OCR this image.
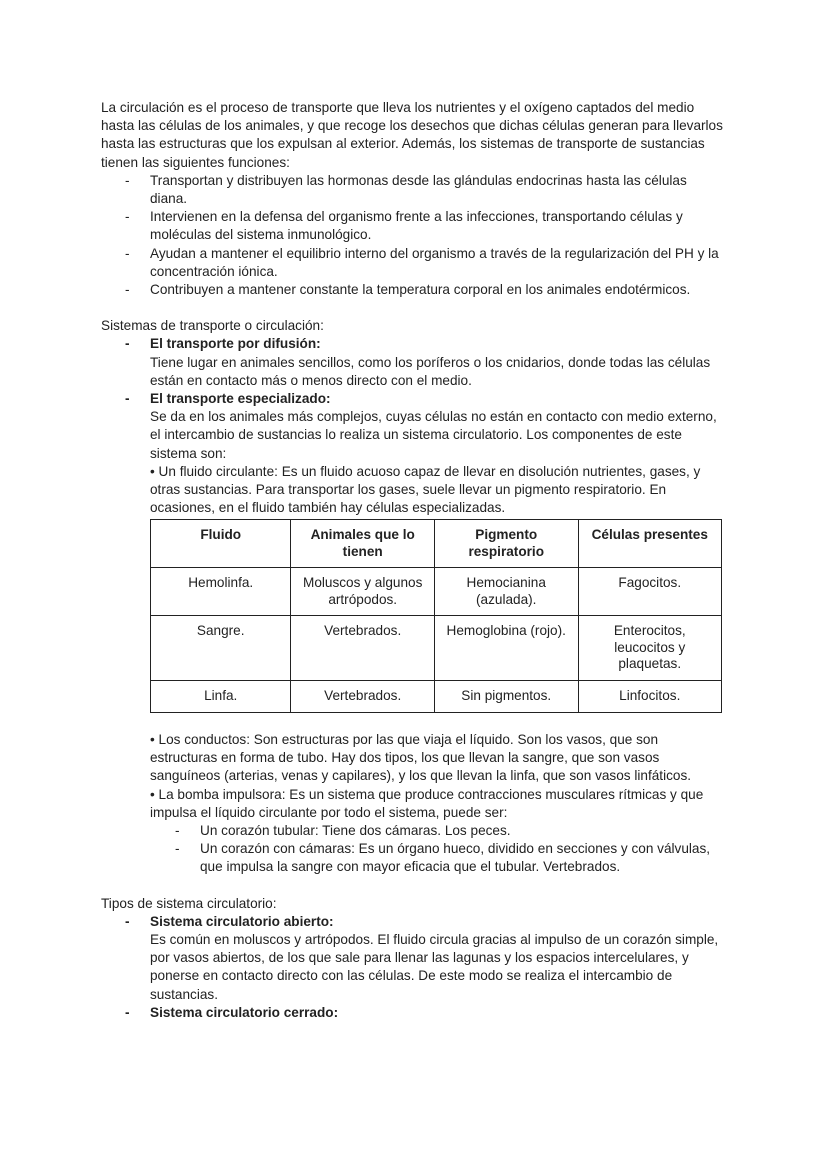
La circulación es el proceso de transporte que lleva los nutrientes y el oxígeno captados del medio hasta las células de los animales, y que recoge los desechos que dichas células generan para llevarlos hasta las estructuras que los expulsan al exterior. Además, los sistemas de transporte de sustancias tienen las siguientes funciones:

- Transportan y distribuyen las hormonas desde las glándulas endocrinas hasta las células diana.
- Intervienen en la defensa del organismo frente a las infecciones, transportando células y moléculas del sistema inmunológico.
- Ayudan a mantener el equilibrio interno del organismo a través de la regularización del PH y la concentración iónica.
- Contribuyen a mantener constante la temperatura corporal en los animales endotérmicos.

Sistemas de transporte o circulación:

- El transporte por difusión:
Tiene lugar en animales sencillos, como los poríferos o los cnidarios, donde todas las células están en contacto más o menos directo con el medio.
- El transporte especializado:
Se da en los animales más complejos, cuyas células no están en contacto con medio externo, el intercambio de sustancias lo realiza un sistema circulatorio. Los componentes de este sistema son:
• Un fluido circulante: Es un fluido acuoso capaz de llevar en disolución nutrientes, gases, y otras sustancias. Para transportar los gases, suele llevar un pigmento respiratorio. En ocasiones, en el fluido también hay células especializadas.
Fluido	Animales que lo tienen	Pigmento respiratorio	Células presentes
Hemolinfa.	Moluscos y algunos artrópodos.	Hemocianina (azulada).	Fagocitos.
Sangre.	Vertebrados.	Hemoglobina (rojo).	Enterocitos, leucocitos y plaquetas.
Linfa.	Vertebrados.	Sin pigmentos.	Linfocitos.

• Los conductos: Son estructuras por las que viaja el líquido. Son los vasos, que son estructuras en forma de tubo. Hay dos tipos, los que llevan la sangre, que son vasos sanguíneos (arterias, venas y capilares), y los que llevan la linfa, que son vasos linfáticos.

• La bomba impulsora: Es un sistema que produce contracciones musculares rítmicas y que impulsa el líquido circulante por todo el sistema, puede ser:

- Un corazón tubular: Tiene dos cámaras. Los peces.
- Un corazón con cámaras: Es un órgano hueco, dividido en secciones y con válvulas, que impulsa la sangre con mayor eficacia que el tubular. Vertebrados.

Tipos de sistema circulatorio:

- Sistema circulatorio abierto:
Es común en moluscos y artrópodos. El fluido circula gracias al impulso de un corazón simple, por vasos abiertos, de los que sale para llenar las lagunas y los espacios intercelulares, y ponerse en contacto directo con las células. De este modo se realiza el intercambio de sustancias.
- Sistema circulatorio cerrado:
